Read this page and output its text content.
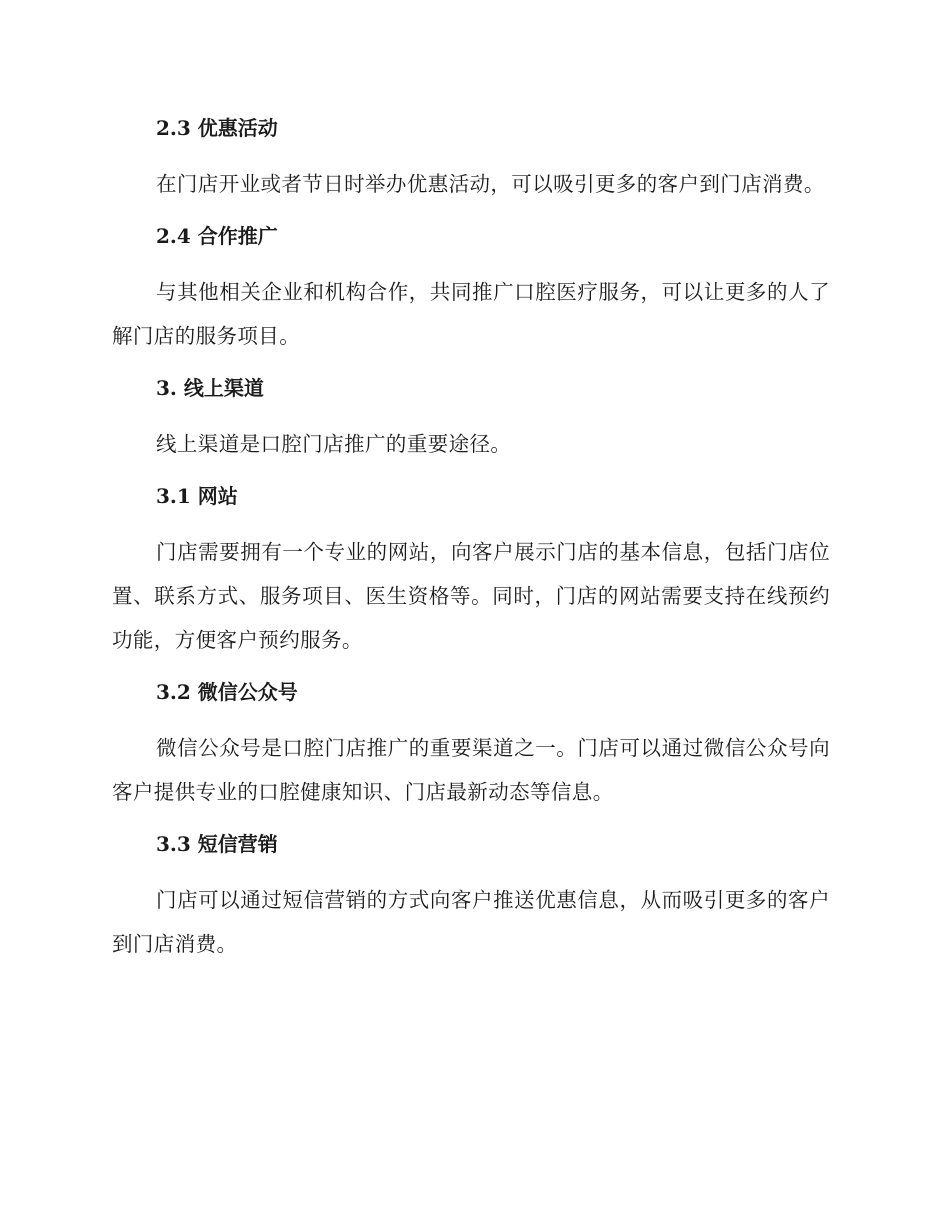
2.3 优惠活动

在门店开业或者节日时举办优惠活动，可以吸引更多的客户到门店消费。

2.4 合作推广

与其他相关企业和机构合作，共同推广口腔医疗服务，可以让更多的人了解门店的服务项目。

3. 线上渠道

线上渠道是口腔门店推广的重要途径。

3.1 网站

门店需要拥有一个专业的网站，向客户展示门店的基本信息，包括门店位置、联系方式、服务项目、医生资格等。同时，门店的网站需要支持在线预约功能，方便客户预约服务。

3.2 微信公众号

微信公众号是口腔门店推广的重要渠道之一。门店可以通过微信公众号向客户提供专业的口腔健康知识、门店最新动态等信息。

3.3 短信营销

门店可以通过短信营销的方式向客户推送优惠信息，从而吸引更多的客户到门店消费。
